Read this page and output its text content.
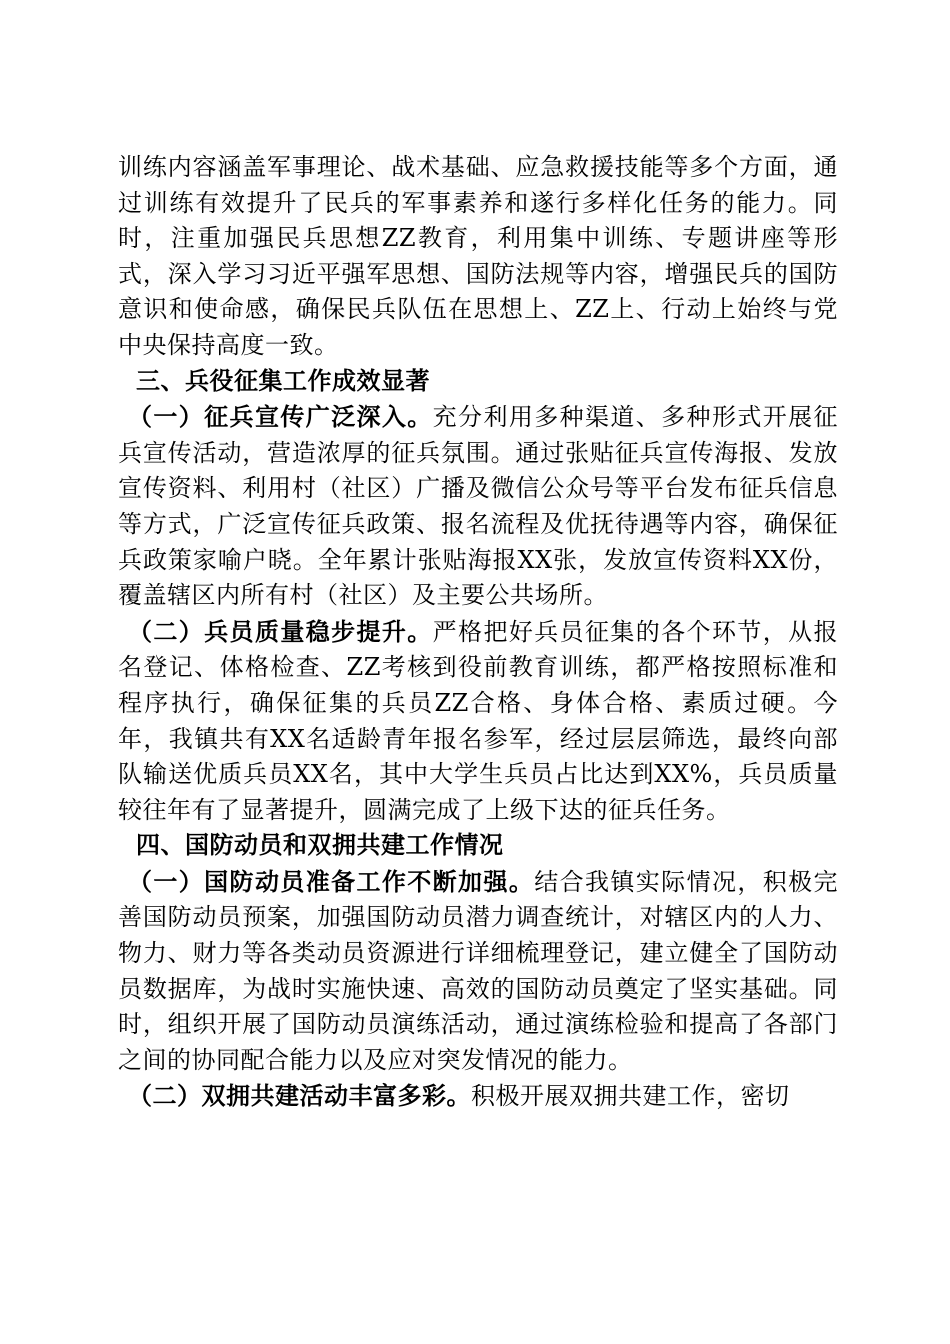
训练内容涵盖军事理论、战术基础、应急救援技能等多个方面，通过训练有效提升了民兵的军事素养和遂行多样化任务的能力。同时，注重加强民兵思想ZZ教育，利用集中训练、专题讲座等形式，深入学习习近平强军思想、国防法规等内容，增强民兵的国防意识和使命感，确保民兵队伍在思想上、ZZ上、行动上始终与党中央保持高度一致。

三、兵役征集工作成效显著

（一）征兵宣传广泛深入。充分利用多种渠道、多种形式开展征兵宣传活动，营造浓厚的征兵氛围。通过张贴征兵宣传海报、发放宣传资料、利用村（社区）广播及微信公众号等平台发布征兵信息等方式，广泛宣传征兵政策、报名流程及优抚待遇等内容，确保征兵政策家喻户晓。全年累计张贴海报XX张，发放宣传资料XX份，覆盖辖区内所有村（社区）及主要公共场所。

（二）兵员质量稳步提升。严格把好兵员征集的各个环节，从报名登记、体格检查、ZZ考核到役前教育训练，都严格按照标准和程序执行，确保征集的兵员ZZ合格、身体合格、素质过硬。今年，我镇共有XX名适龄青年报名参军，经过层层筛选，最终向部队输送优质兵员XX名，其中大学生兵员占比达到XX%，兵员质量较往年有了显著提升，圆满完成了上级下达的征兵任务。

四、国防动员和双拥共建工作情况

（一）国防动员准备工作不断加强。结合我镇实际情况，积极完善国防动员预案，加强国防动员潜力调查统计，对辖区内的人力、物力、财力等各类动员资源进行详细梳理登记，建立健全了国防动员数据库，为战时实施快速、高效的国防动员奠定了坚实基础。同时，组织开展了国防动员演练活动，通过演练检验和提高了各部门之间的协同配合能力以及应对突发情况的能力。

（二）双拥共建活动丰富多彩。积极开展双拥共建工作，密切
